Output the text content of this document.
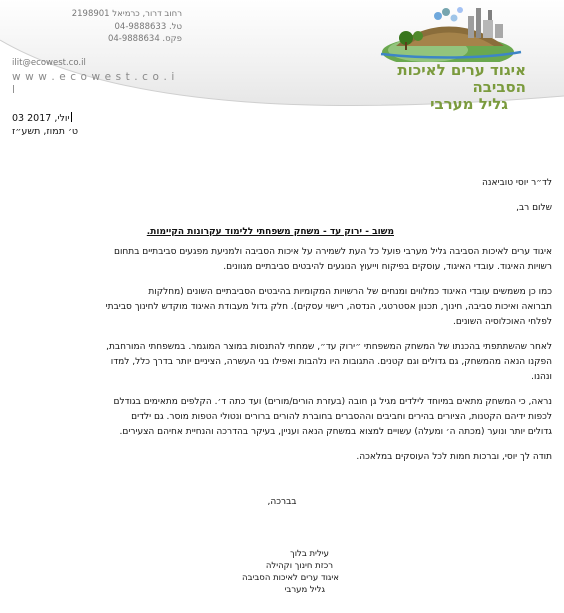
רחוב דרור, כרמיאל 2198901
טל. 04-9888633
פקס. 04-9888634
ilit@ecowest.co.il
w w w . e c o w e s t . c o . i l
איגוד ערים לאיכות הסביבה
גליל מערבי
03 יולי, 2017
ט׳ תמוז, תשע״ז
לד״ר יוסי טוביאנה
שלום רב,
משוב - ירוק עד - משחק משפחתי ללימוד עקרונות הקיימות.
איגוד ערים לאיכות הסביבה גליל מערבי פועל כל העת לשמירה על איכות הסביבה ולמניעת מפגעים סביבתיים בתחום
רשויות האיגוד. עובדי האיגוד, עוסקים בפיקוח וייעוץ הנוגעים להיבטים סביבתיים מגוונים.
כמו כן משמשים עובדי האיגוד כמלווים ומנחים של הרשויות המקומיות בהיבטים הסביבתיים השונים (מחלקות
תברואה ואיכות סביבה, חינוך, תכנון אסטרטגי, הנדסה, רישוי עסקים). חלק גדול מעבודת האיגוד מוקדש לחינוך סביבתי
לפלחי האוכלוסיה השונים.
לאחר שהשתתפתי בהכנתו של המשחק המשפחתי ״ירוק עד״, שמחתי להתנסות במוצר המוגמר. במשפחתי המורחבת,
הפקנו הנאה מהמשחק, גם גדולים וגם קטנים. התגובות היו נלהבות ואפילו בני העשרה, הציניים יותר בדרך כלל, למדו
ונהנו.
נראה, כי המשחק מתאים במיוחד לילדים מגיל גן חובה (בעזרת הורים/מורים) ועד כתה ד׳. הקלפים מתאימים בגודלם
לכפות ידיהם הקטנות, הציורים בהירים וחביבים וההסברים בחוברת להורים ברורים ונטולי הטפות מוסר. גם ילדים
גדולים יותר ונוער (מכתה ה׳ ומעלה) עשויים למצוא במשחק הנאה ועניין, בעיקר בהדרכה והנחיית אחיהם הצעירים.
תודה לך יוסי, וברכות חמות לכל העוסקים במלאכה.
בברכה,
עילית בלוך
רכזת חינוך וקהילה
איגוד ערים לאיכות הסביבה
גליל מערבי
